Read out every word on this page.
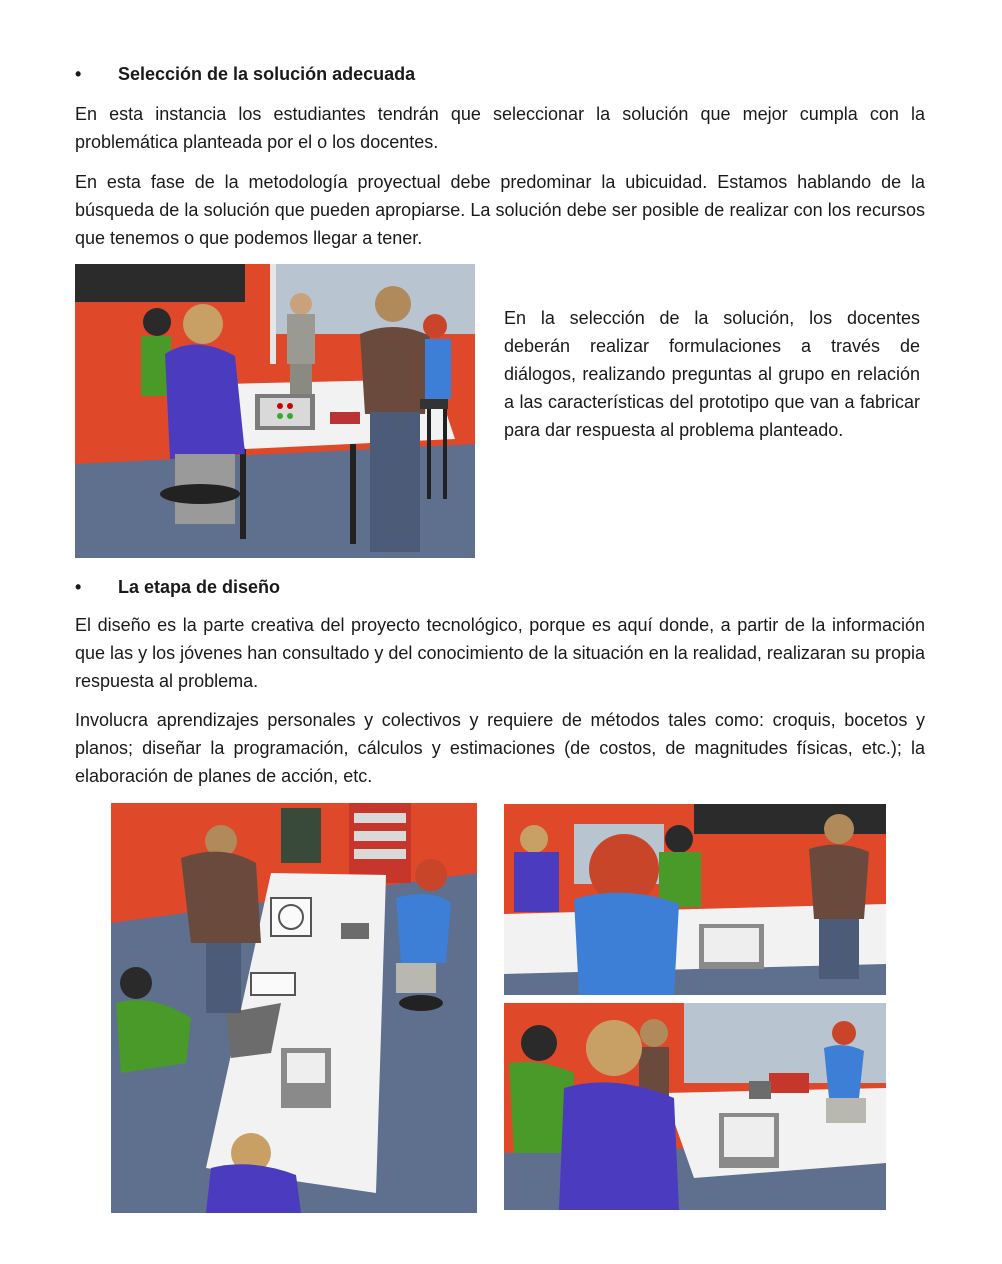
• Selección de la solución adecuada

En esta instancia los estudiantes tendrán que seleccionar la solución que mejor cumpla con la problemática planteada por el o los docentes.

En esta fase de la metodología proyectual debe predominar la ubicuidad. Estamos hablando de la búsqueda de la solución que pueden apropiarse. La solución debe ser posible de realizar con los recursos que tenemos o que podemos llegar a tener.

En la selección de la solución, los docentes deberán realizar formulaciones a través de diálogos, realizando preguntas al grupo en relación a las características del prototipo que van a fabricar para dar respuesta al problema planteado.

• La etapa de diseño

El diseño es la parte creativa del proyecto tecnológico, porque es aquí donde, a partir de la información que las y los jóvenes han consultado y del conocimiento de la situación en la realidad, realizaran su propia respuesta al problema.

Involucra aprendizajes personales y colectivos y requiere de métodos tales como: croquis, bocetos y planos; diseñar la programación, cálculos y estimaciones (de costos, de magnitudes físicas, etc.); la elaboración de planes de acción, etc.
